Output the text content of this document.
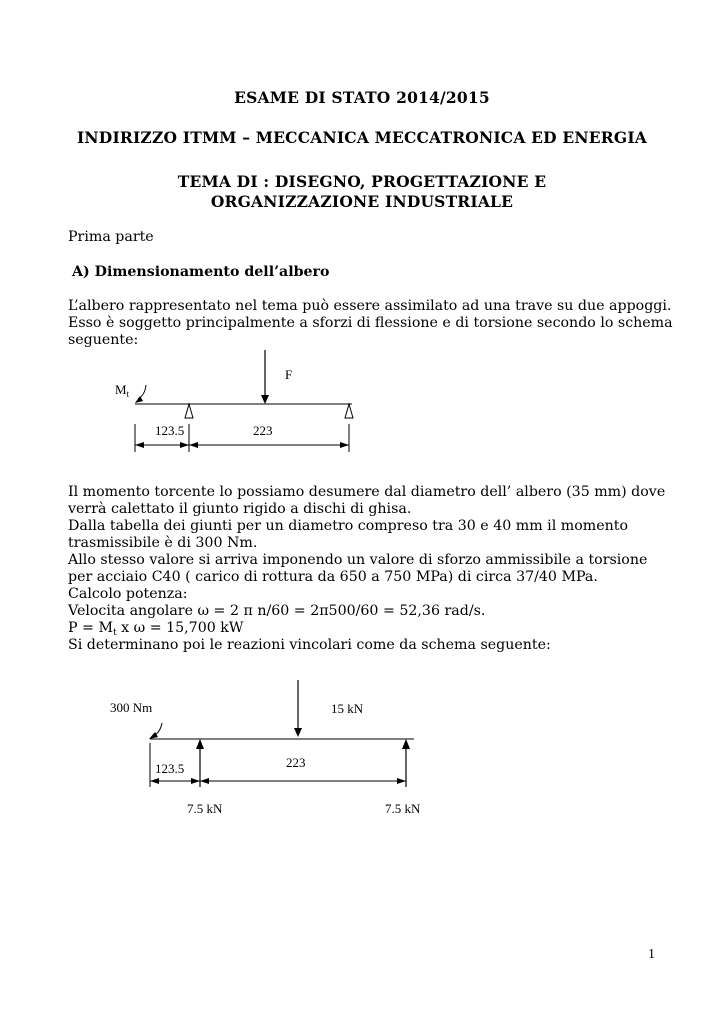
ESAME DI STATO 2014/2015

INDIRIZZO ITMM – MECCANICA MECCATRONICA ED ENERGIA

TEMA DI : DISEGNO, PROGETTAZIONE E

ORGANIZZAZIONE INDUSTRIALE

Prima parte

A) Dimensionamento dell’albero

L’albero rappresentato nel tema può essere assimilato ad una trave su due appoggi.

Esso è soggetto principalmente a sforzi di flessione e di torsione secondo lo schema

seguente:

$M_t$
F
123.5	223

Il momento torcente lo possiamo desumere dal diametro dell’ albero (35 mm) dove

verrà calettato il giunto rigido a dischi di ghisa.

Dalla tabella dei giunti per un diametro compreso tra 30 e 40 mm il momento

trasmissibile è di 300 Nm.

Allo stesso valore si arriva imponendo un valore di sforzo ammissibile a torsione

per acciaio C40 ( carico di rottura da 650 a 750 MPa) di circa 37/40 MPa.

Calcolo potenza:

Velocita angolare ω = 2 π n/60 = 2π500/60 = 52,36 rad/s.

$P = M_t$ x ω = 15,700 kW

Si determinano poi le reazioni vincolari come da schema seguente:

300 Nm	15 kN
123.5	223
7.5 kN	7.5 kN

1
